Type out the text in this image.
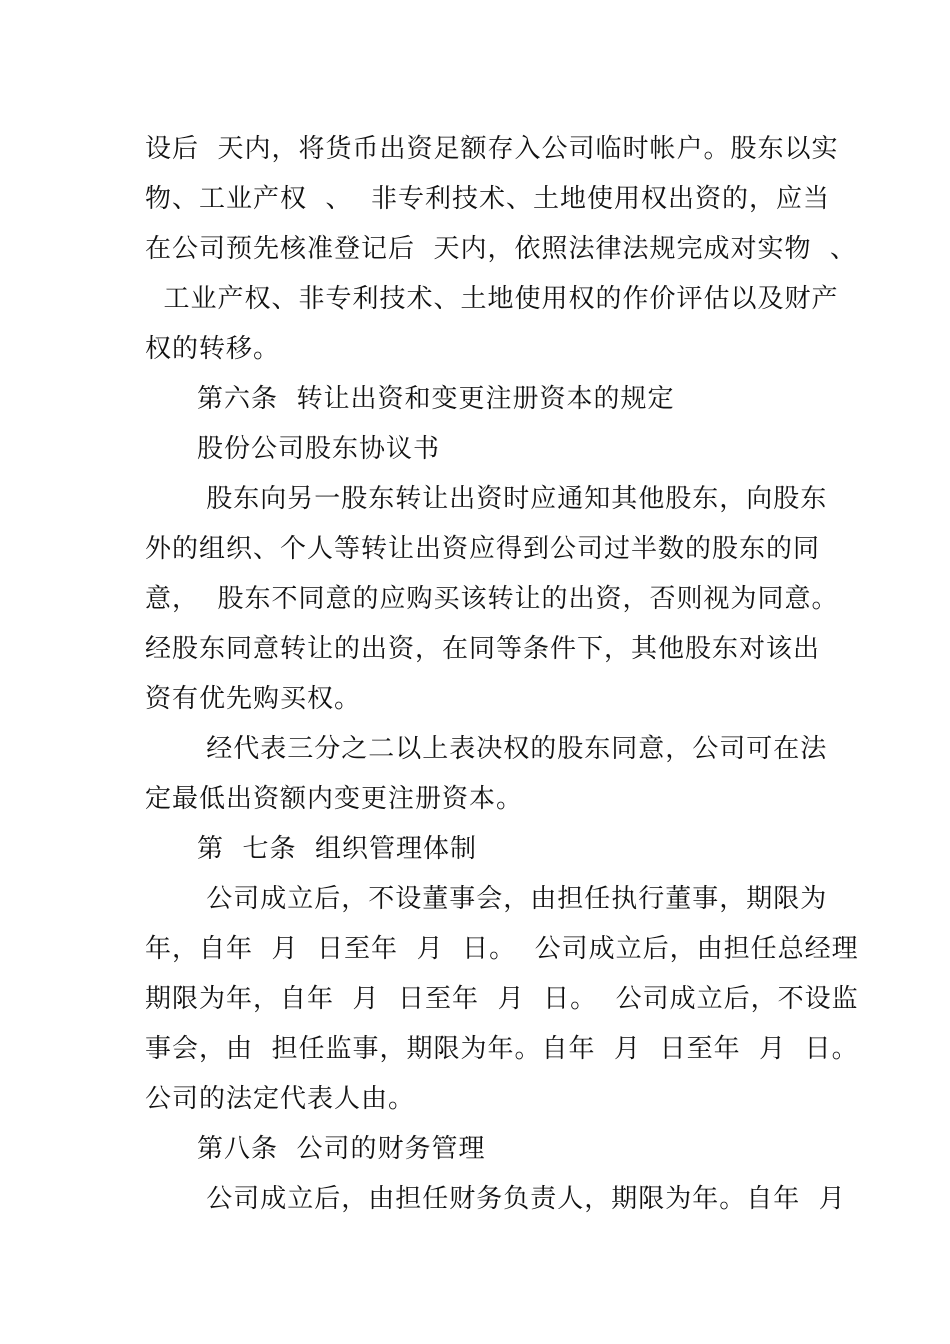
设后  天内，将货币出资足额存入公司临时帐户。股东以实
物、工业产权  、  非专利技术、土地使用权出资的，应当
在公司预先核准登记后  天内，依照法律法规完成对实物  、
工业产权、非专利技术、土地使用权的作价评估以及财产
权的转移。
第六条  转让出资和变更注册资本的规定
股份公司股东协议书
股东向另一股东转让出资时应通知其他股东，向股东
外的组织、个人等转让出资应得到公司过半数的股东的同
意，  股东不同意的应购买该转让的出资，否则视为同意。
经股东同意转让的出资，在同等条件下，其他股东对该出
资有优先购买权。
经代表三分之二以上表决权的股东同意，公司可在法
定最低出资额内变更注册资本。
第  七条  组织管理体制
公司成立后，不设董事会，由担任执行董事，期限为
年，自年  月  日至年  月  日。  公司成立后，由担任总经理
期限为年，自年  月  日至年  月  日。  公司成立后，不设监
事会，由  担任监事，期限为年。自年  月  日至年  月  日。
公司的法定代表人由。
第八条  公司的财务管理
公司成立后，由担任财务负责人，期限为年。自年  月
